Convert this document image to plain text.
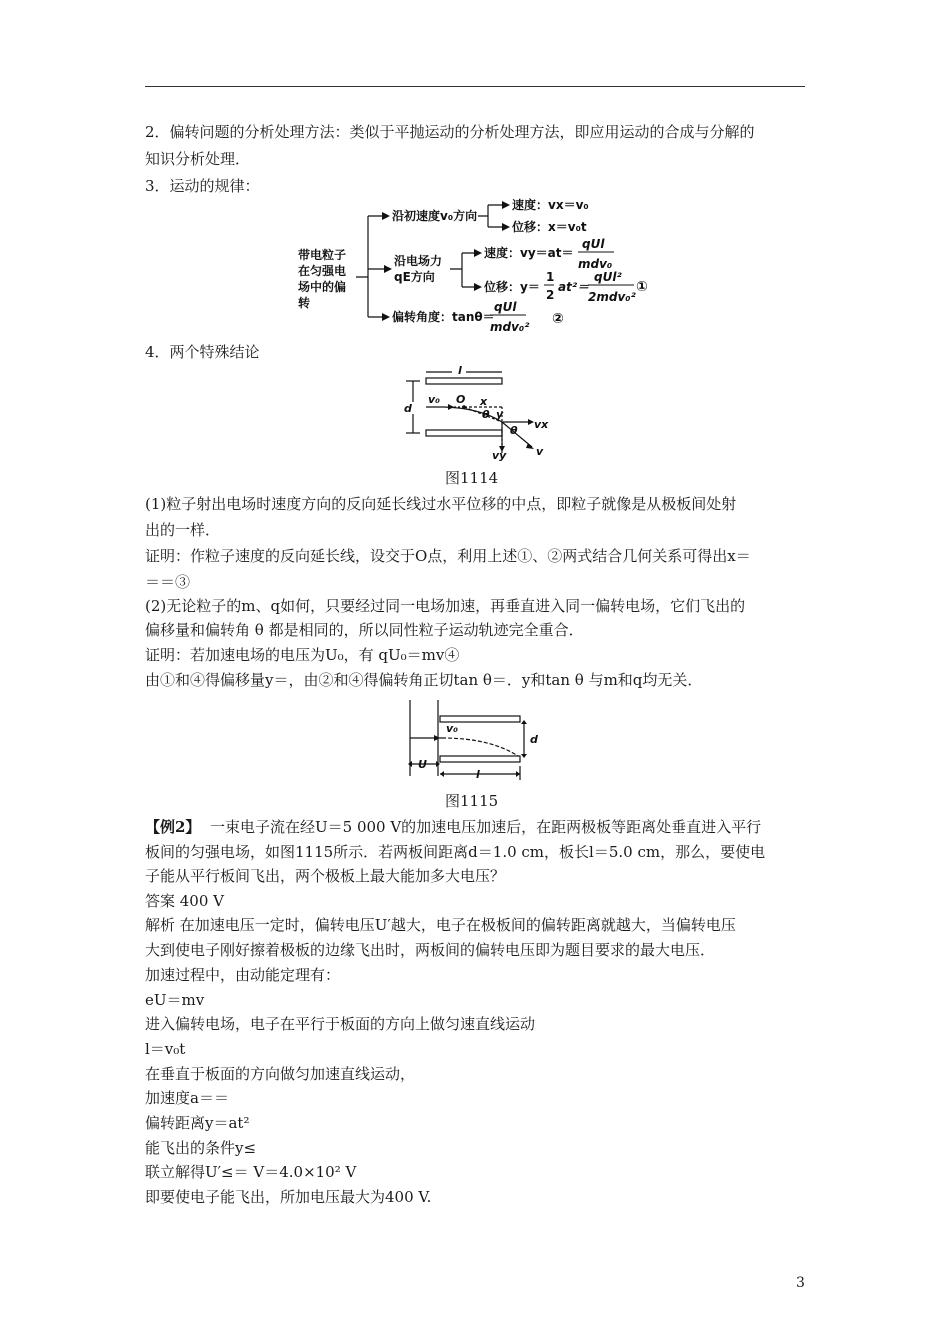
2．偏转问题的分析处理方法：类似于平抛运动的分析处理方法，即应用运动的合成与分解的
知识分析处理．
3．运动的规律：
带电粒子
在匀强电
场中的偏
转
沿初速度v₀方向
速度：vx＝v₀
位移：x＝v₀t
沿电场力
qE方向
速度：vy＝at＝
qUl
mdv₀
位移：y＝
1
2
at²＝
qUl²
2mdv₀²
①
偏转角度：tanθ＝
qUl
mdv₀² ②
4．两个特殊结论
l
d
v₀ O x
θ y
vx
θ
vy	v
图1114
(1)粒子射出电场时速度方向的反向延长线过水平位移的中点，即粒子就像是从极板间处射
出的一样．
证明：作粒子速度的反向延长线，设交于O点，利用上述①、②两式结合几何关系可得出x＝
＝＝③
(2)无论粒子的m、q如何，只要经过同一电场加速，再垂直进入同一偏转电场，它们飞出的
偏移量和偏转角 θ 都是相同的，所以同性粒子运动轨迹完全重合．
证明：若加速电场的电压为U₀，有 qU₀＝mv④
由①和④得偏移量y＝，由②和④得偏转角正切tan θ＝．y和tan θ 与m和q均无关．
v₀
d
U
l
图1115
【例2】 一束电子流在经U＝5 000 V的加速电压加速后，在距两极板等距离处垂直进入平行
板间的匀强电场，如图1115所示．若两板间距离d＝1.0 cm，板长l＝5.0 cm，那么，要使电
子能从平行板间飞出，两个极板上最大能加多大电压？
答案 400 V
解析 在加速电压一定时，偏转电压U′越大，电子在极板间的偏转距离就越大，当偏转电压
大到使电子刚好擦着极板的边缘飞出时，两板间的偏转电压即为题目要求的最大电压．
加速过程中，由动能定理有：
eU＝mv
进入偏转电场，电子在平行于板面的方向上做匀速直线运动
l＝v₀t
在垂直于板面的方向做匀加速直线运动，
加速度a＝＝
偏转距离y＝at²
能飞出的条件y≤
联立解得U′≤＝ V＝4.0×10² V
即要使电子能飞出，所加电压最大为400 V.
3
